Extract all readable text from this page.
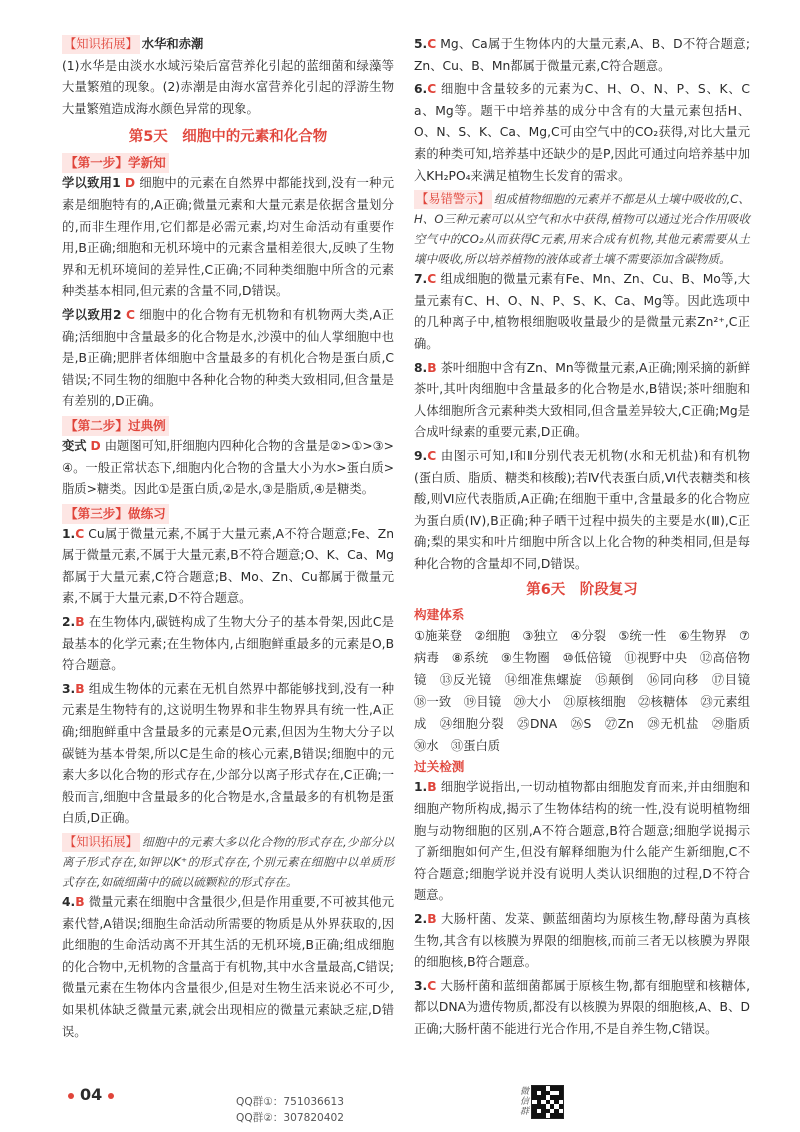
【知识拓展】 水华和赤潮
(1)水华是由淡水水域污染后富营养化引起的蓝细菌和绿藻等大量繁殖的现象。(2)赤潮是由海水富营养化引起的浮游生物大量繁殖造成海水颜色异常的现象。
第5天　细胞中的元素和化合物
【第一步】学新知
学以致用1 D 细胞中的元素在自然界中都能找到,没有一种元素是细胞特有的,A正确;微量元素和大量元素是依据含量划分的,而非生理作用,它们都是必需元素,均对生命活动有重要作用,B正确;细胞和无机环境中的元素含量相差很大,反映了生物界和无机环境间的差异性,C正确;不同种类细胞中所含的元素种类基本相同,但元素的含量不同,D错误。
学以致用2 C 细胞中的化合物有无机物和有机物两大类,A正确;活细胞中含量最多的化合物是水,沙漠中的仙人掌细胞中也是,B正确;肥胖者体细胞中含量最多的有机化合物是蛋白质,C错误;不同生物的细胞中各种化合物的种类大致相同,但含量是有差别的,D正确。
【第二步】过典例
变式 D 由题图可知,肝细胞内四种化合物的含量是②>①>③>④。一般正常状态下,细胞内化合物的含量大小为水>蛋白质>脂质>糖类。因此①是蛋白质,②是水,③是脂质,④是糖类。
【第三步】做练习
1.C Cu属于微量元素,不属于大量元素,A不符合题意;Fe、Zn属于微量元素,不属于大量元素,B不符合题意;O、K、Ca、Mg都属于大量元素,C符合题意;B、Mo、Zn、Cu都属于微量元素,不属于大量元素,D不符合题意。
2.B 在生物体内,碳链构成了生物大分子的基本骨架,因此C是最基本的化学元素;在生物体内,占细胞鲜重最多的元素是O,B符合题意。
3.B 组成生物体的元素在无机自然界中都能够找到,没有一种元素是生物特有的,这说明生物界和非生物界具有统一性,A正确;细胞鲜重中含量最多的元素是O元素,但因为生物大分子以碳链为基本骨架,所以C是生命的核心元素,B错误;细胞中的元素大多以化合物的形式存在,少部分以离子形式存在,C正确;一般而言,细胞中含量最多的化合物是水,含量最多的有机物是蛋白质,D正确。
【知识拓展】 细胞中的元素大多以化合物的形式存在,少部分以离子形式存在,如钾以K⁺的形式存在,个别元素在细胞中以单质形式存在,如硫细菌中的硫以硫颗粒的形式存在。
4.B 微量元素在细胞中含量很少,但是作用重要,不可被其他元素代替,A错误;细胞生命活动所需要的物质是从外界获取的,因此细胞的生命活动离不开其生活的无机环境,B正确;组成细胞的化合物中,无机物的含量高于有机物,其中水含量最高,C错误;微量元素在生物体内含量很少,但是对生物生活来说必不可少,如果机体缺乏微量元素,就会出现相应的微量元素缺乏症,D错误。
5.C Mg、Ca属于生物体内的大量元素,A、B、D不符合题意;Zn、Cu、B、Mn都属于微量元素,C符合题意。
6.C 细胞中含量较多的元素为C、H、O、N、P、S、K、Ca、Mg等。题干中培养基的成分中含有的大量元素包括H、O、N、S、K、Ca、Mg,C可由空气中的CO₂获得,对比大量元素的种类可知,培养基中还缺少的是P,因此可通过向培养基中加入KH₂PO₄来满足植物生长发育的需求。
【易错警示】 组成植物细胞的元素并不都是从土壤中吸收的,C、H、O三种元素可以从空气和水中获得,植物可以通过光合作用吸收空气中的CO₂从而获得C元素,用来合成有机物,其他元素需要从土壤中吸收,所以培养植物的液体或者土壤不需要添加含碳物质。
7.C 组成细胞的微量元素有Fe、Mn、Zn、Cu、B、Mo等,大量元素有C、H、O、N、P、S、K、Ca、Mg等。因此选项中的几种离子中,植物根细胞吸收量最少的是微量元素Zn²⁺,C正确。
8.B 茶叶细胞中含有Zn、Mn等微量元素,A正确;刚采摘的新鲜茶叶,其叶肉细胞中含量最多的化合物是水,B错误;茶叶细胞和人体细胞所含元素种类大致相同,但含量差异较大,C正确;Mg是合成叶绿素的重要元素,D正确。
9.C 由图示可知,Ⅰ和Ⅱ分别代表无机物(水和无机盐)和有机物(蛋白质、脂质、糖类和核酸);若Ⅳ代表蛋白质,Ⅵ代表糖类和核酸,则Ⅵ应代表脂质,A正确;在细胞干重中,含量最多的化合物应为蛋白质(Ⅳ),B正确;种子晒干过程中损失的主要是水(Ⅲ),C正确;梨的果实和叶片细胞中所含以上化合物的种类相同,但是每种化合物的含量却不同,D错误。
第6天　阶段复习
构建体系
①施莱登　②细胞　③独立　④分裂　⑤统一性　⑥生物界　⑦病毒　⑧系统　⑨生物圈　⑩低倍镜　⑪视野中央　⑫高倍物镜　⑬反光镜　⑭细准焦螺旋　⑮颠倒　⑯同向移　⑰目镜　⑱一致　⑲目镜　⑳大小　㉑原核细胞　㉒核糖体　㉓元素组成　㉔细胞分裂　㉕DNA　㉖S　㉗Zn　㉘无机盐　㉙脂质　㉚水　㉛蛋白质
过关检测
1.B 细胞学说指出,一切动植物都由细胞发育而来,并由细胞和细胞产物所构成,揭示了生物体结构的统一性,没有说明植物细胞与动物细胞的区别,A不符合题意,B符合题意;细胞学说揭示了新细胞如何产生,但没有解释细胞为什么能产生新细胞,C不符合题意;细胞学说并没有说明人类认识细胞的过程,D不符合题意。
2.B 大肠杆菌、发菜、颤蓝细菌均为原核生物,酵母菌为真核生物,其含有以核膜为界限的细胞核,而前三者无以核膜为界限的细胞核,B符合题意。
3.C 大肠杆菌和蓝细菌都属于原核生物,都有细胞壁和核糖体,都以DNA为遗传物质,都没有以核膜为界限的细胞核,A、B、D正确;大肠杆菌不能进行光合作用,不是自养生物,C错误。
04	QQ群①：751036613
QQ群②：307820402
微信群
